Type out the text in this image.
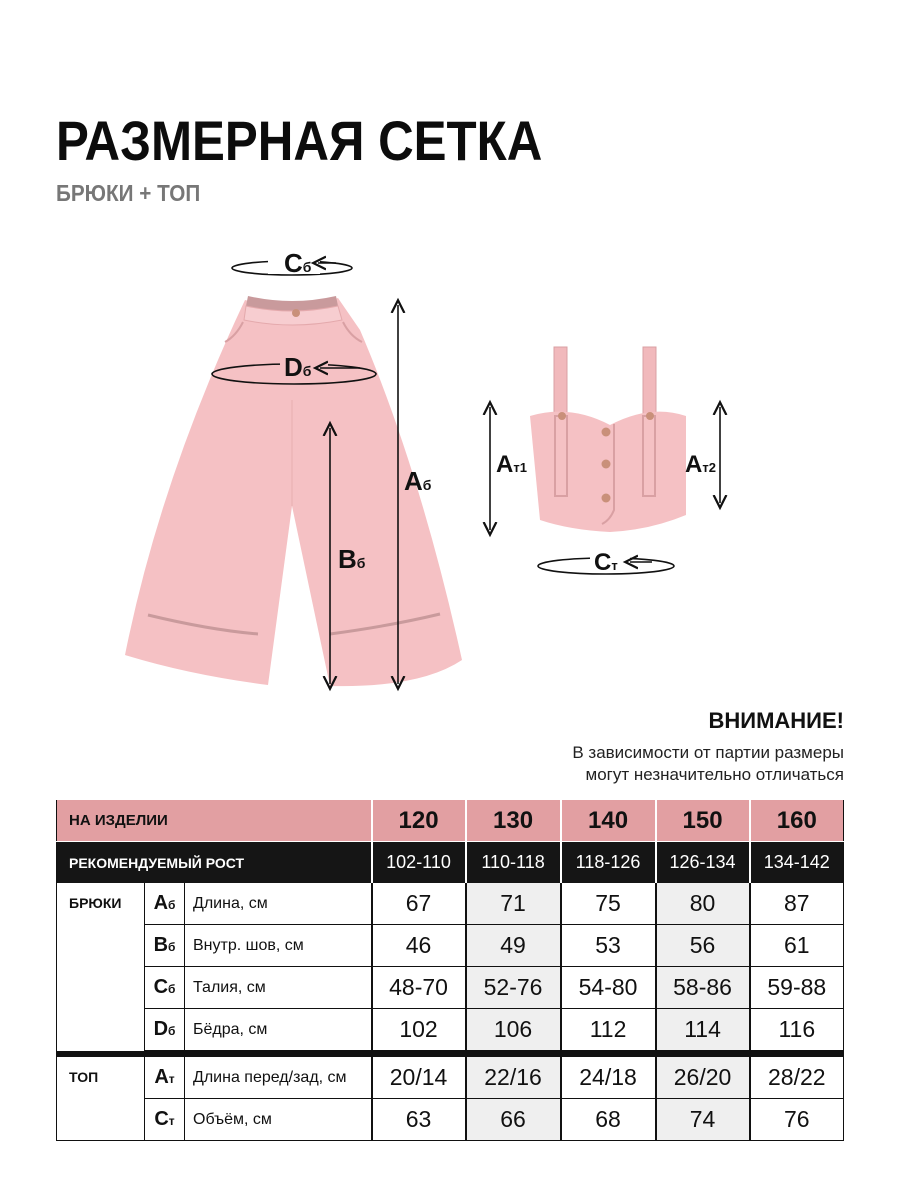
РАЗМЕРНАЯ СЕТКА
БРЮКИ + ТОП
Сб
Dб
Аб
Вб
Ат1	Ат2
Ст
ВНИМАНИЕ!
В зависимости от партии размеры
могут незначительно отличаться
НА ИЗДЕЛИИ			120	130	140	150	160
РЕКОМЕНДУЕМЫЙ РОСТ			102-110	110-118	118-126	126-134	134-142
БРЮКИ	Аб	Длина, см	67	71	75	80	87
	Вб	Внутр. шов, см	46	49	53	56	61
	Сб	Талия, см	48-70	52-76	54-80	58-86	59-88
	Dб	Бёдра, см	102	106	112	114	116

ТОП	Ат	Длина перед/зад, см	20/14	22/16	24/18	26/20	28/22
	Ст	Объём, см	63	66	68	74	76
